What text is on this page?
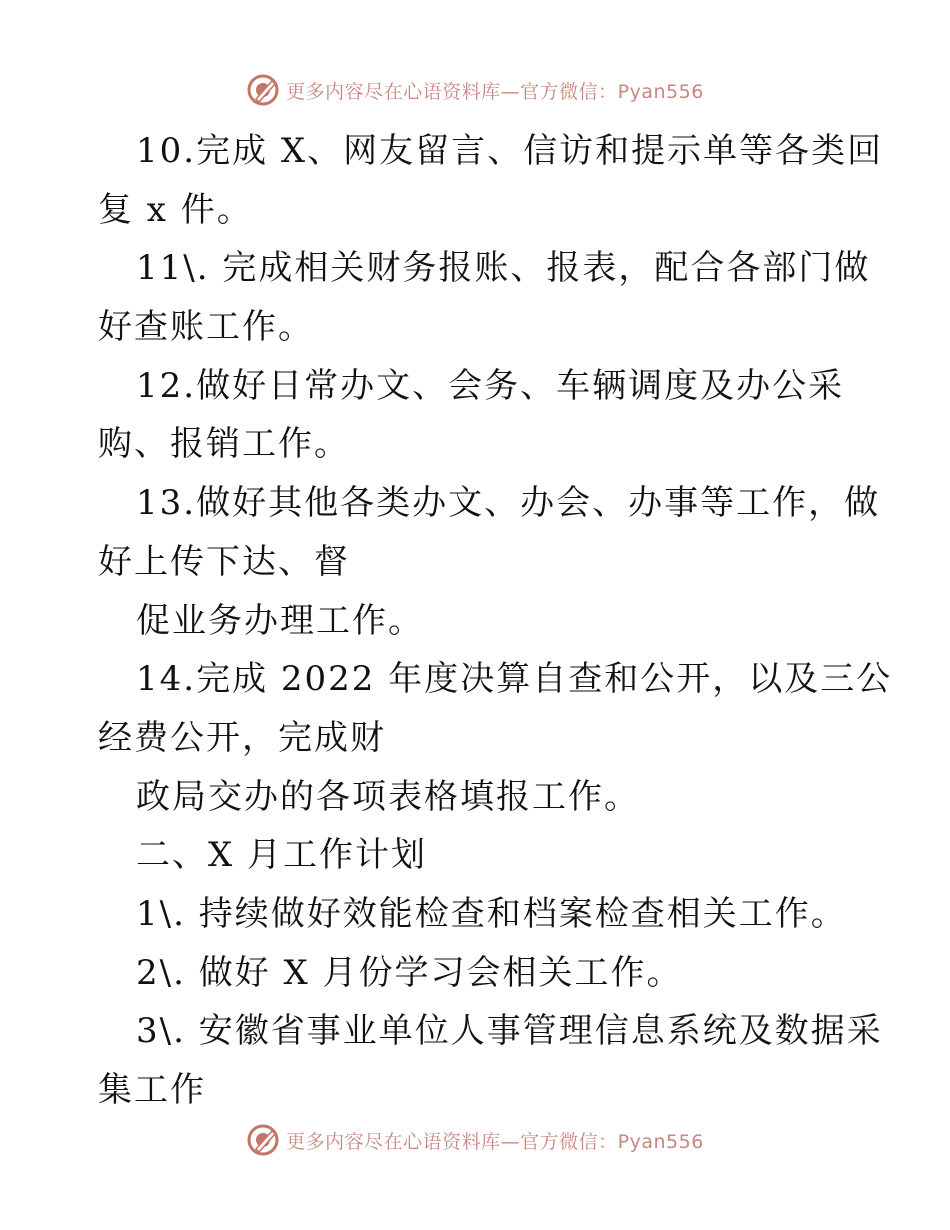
更多内容尽在心语资料库—官方微信：Pyan556
10.完成 X、网友留言、信访和提示单等各类回
复 x 件。
11\. 完成相关财务报账、报表，配合各部门做
好查账工作。
12.做好日常办文、会务、车辆调度及办公采
购、报销工作。
13.做好其他各类办文、办会、办事等工作，做
好上传下达、督
促业务办理工作。
14.完成 2022 年度决算自查和公开，以及三公
经费公开，完成财
政局交办的各项表格填报工作。
二、X 月工作计划
1\. 持续做好效能检查和档案检查相关工作。
2\. 做好 X 月份学习会相关工作。
3\. 安徽省事业单位人事管理信息系统及数据采
集工作
更多内容尽在心语资料库—官方微信：Pyan556
